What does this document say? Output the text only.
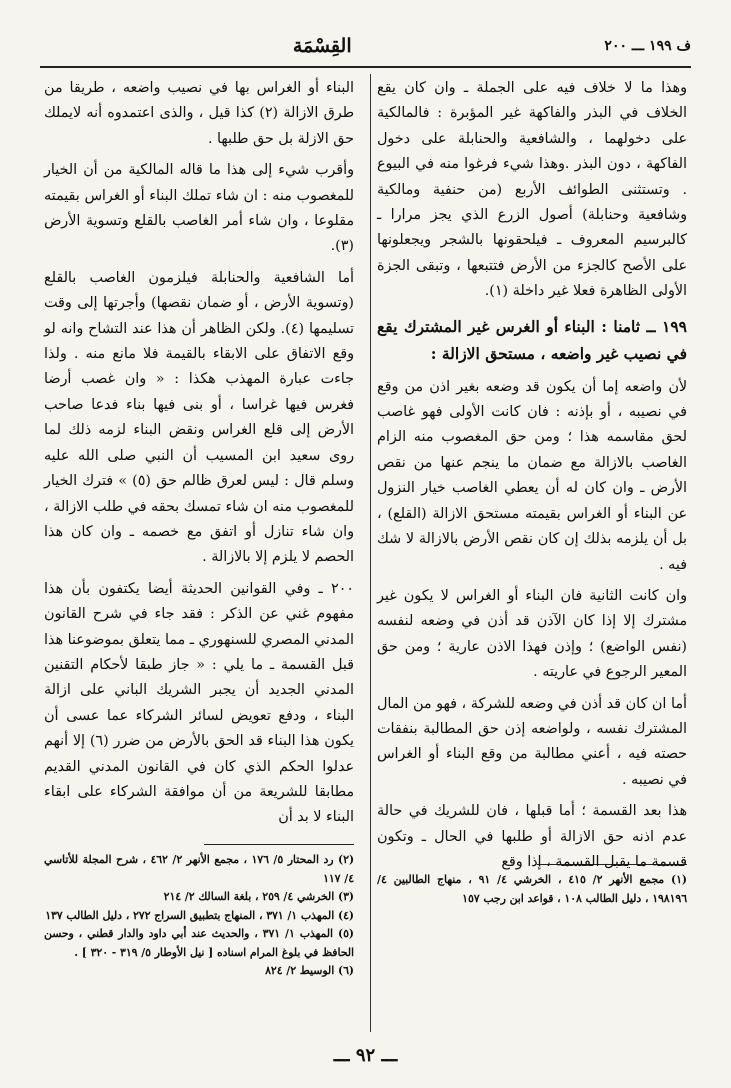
ف ١٩٩ ـــ ٢٠٠
القِسْمَة

وهذا ما لا خلاف فيه على الجملة ـ وان كان يقع الخلاف في البذر والفاكهة غير المؤبرة : فالمالكية على دخولهما ، والشافعية والحنابلة على دخول الفاكهة ، دون البذر .وهذا شيء فرغوا منه في البيوع . وتستثنى الطوائف الأربع (من حنفية ومالكية وشافعية وحنابلة) أصول الزرع الذي يجز مرارا ـ كالبرسيم المعروف ـ فيلحقونها بالشجر ويجعلونها على الأصح كالجزء من الأرض فتتبعها ، وتبقى الجزة الأولى الظاهرة فعلا غير داخلة (١).

١٩٩ ــ ثامنا : البناء أو الغرس غير المشترك يقع في نصيب غير واضعه ، مستحق الازالة :

لأن واضعه إما أن يكون قد وضعه بغير اذن من وقع في نصيبه ، أو بإذنه : فان كانت الأولى فهو غاصب لحق مقاسمه هذا ؛ ومن حق المغصوب منه الزام الغاصب بالازالة مع ضمان ما ينجم عنها من نقص الأرض ـ وان كان له أن يعطي الغاصب خيار النزول عن البناء أو الغراس بقيمته مستحق الازالة (القلع) ، بل أن يلزمه بذلك إن كان نقص الأرض بالازالة لا شك فيه .

وان كانت الثانية فان البناء أو الغراس لا يكون غير مشترك إلا إذا كان الآذن قد أذن في وضعه لنفسه (نفس الواضع) ؛ وإذن فهذا الاذن عارية ؛ ومن حق المعير الرجوع في عاريته .

أما ان كان قد أذن في وضعه للشركة ، فهو من المال المشترك نفسه ، ولواضعه إذن حق المطالبة بنفقات حصته فيه ، أعني مطالبة من وقع البناء أو الغراس في نصيبه .

هذا بعد القسمة ؛ أما قبلها ، فان للشريك في حالة عدم اذنه حق الازالة أو طلبها في الحال ـ وتكون قسمة ما يقبل القسمة ، إذا وقع

(١) مجمع الأنهر ٢/ ٤١٥ ، الخرشي ٤/ ٩١ ، منهاج الطالبين ٤/ ١٩٨١٩٦ ، دليل الطالب ١٠٨ ، قواعد ابن رجب ١٥٧

البناء أو الغراس بها في نصيب واضعه ، طريقا من طرق الازالة (٢) كذا قيل ، والذى اعتمدوه أنه لايملك حق الازلة بل حق طلبها .

وأقرب شيء إلى هذا ما قاله المالكية من أن الخيار للمغصوب منه : ان شاء تملك البناء أو الغراس بقيمته مقلوعا ، وان شاء أمر الغاصب بالقلع وتسوية الأرض (٣).

أما الشافعية والحنابلة فيلزمون الغاصب بالقلع (وتسوية الأرض ، أو ضمان نقصها) وأجرتها إلى وقت تسليمها (٤). ولكن الظاهر أن هذا عند التشاح وانه لو وقع الاتفاق على الابقاء بالقيمة فلا مانع منه . ولذا جاءت عبارة المهذب هكذا : « وان غصب أرضا فغرس فيها غراسا ، أو بنى فيها بناء فدعا صاحب الأرض إلى قلع الغراس ونقض البناء لزمه ذلك لما روى سعيد ابن المسيب أن النبي صلى الله عليه وسلم قال : ليس لعرق ظالم حق (٥) » فترك الخيار للمغصوب منه ان شاء تمسك بحقه في طلب الازالة ، وان شاء تنازل أو اتفق مع خصمه ـ وان كان هذا الحصم لا يلزم إلا بالازالة .

٢٠٠ ـ وفي القوانين الحديثة أيضا يكتفون بأن هذا مفهوم غني عن الذكر : فقد جاء في شرح القانون المدني المصري للسنهوري ـ مما يتعلق بموضوعنا هذا قبل القسمة ـ ما يلي : « جاز طبقا لأحكام التقنين المدني الجديد أن يجبر الشريك الباني على ازالة البناء ، ودفع تعويض لسائر الشركاء عما عسى أن يكون هذا البناء قد الحق بالأرض من ضرر (٦) إلا أنهم عدلوا الحكم الذي كان في القانون المدني القديم مطابقا للشريعة من أن موافقة الشركاء على ابقاء البناء لا بد أن

(٢) رد المحتار ٥/ ١٧٦ ، مجمع الأنهر ٢/ ٤٦٢ ، شرح المجلة للأتاسي ٤/ ١١٧
(٣) الخرشي ٤/ ٢٥٩ ، بلغة السالك ٢/ ٢١٤
(٤) المهذب ١/ ٣٧١ ، المنهاج بتطبيق السراج ٢٧٢ ، دليل الطالب ١٣٧
(٥) المهذب ١/ ٣٧١ ، والحديث عند أبي داود والدار قطني ، وحسن الحافظ في بلوغ المرام اسناده [ نيل الأوطار ٥/ ٣١٩ - ٣٢٠ ] .
(٦) الوسيط ٢/ ٨٢٤
ـــ ٩٢ ـــ
